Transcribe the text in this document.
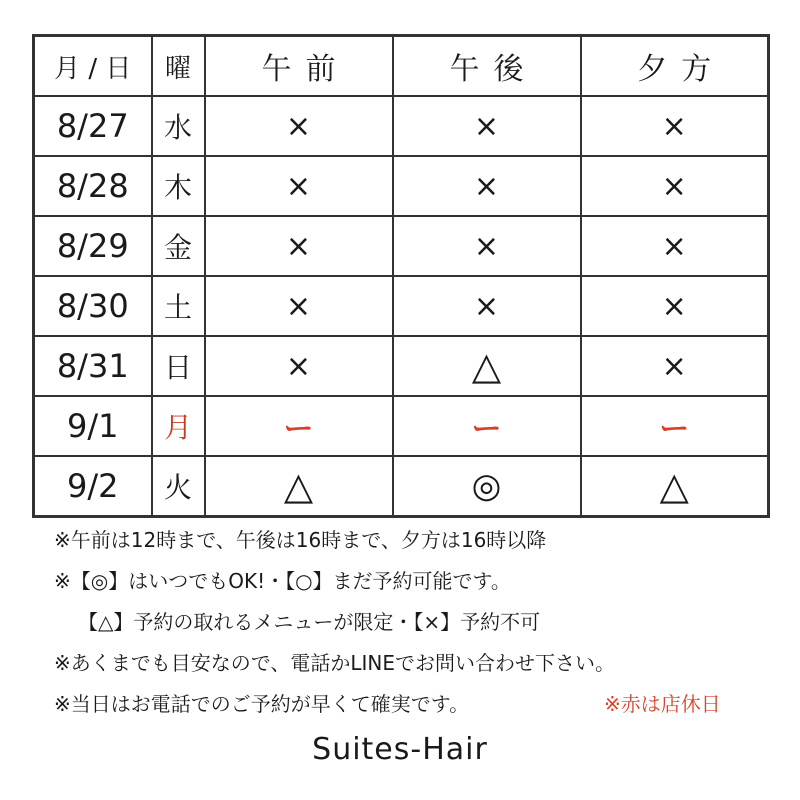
月 / 日	曜	午前	午後	夕方
8/27	水	×	×	×
8/28	木	×	×	×
8/29	金	×	×	×
8/30	土	×	×	×
8/31	日	×	△	×
9/1	月	ー	ー	ー
9/2	火	△	◎	△
※午前は12時まで、午後は16時まで、夕方は16時以降
※【◎】はいつでもOK!・【○】まだ予約可能です。
【△】予約の取れるメニューが限定・【×】予約不可
※あくまでも目安なので、電話かLINEでお問い合わせ下さい。
※当日はお電話でのご予約が早くて確実です。	※赤は店休日
Suites-Hair
